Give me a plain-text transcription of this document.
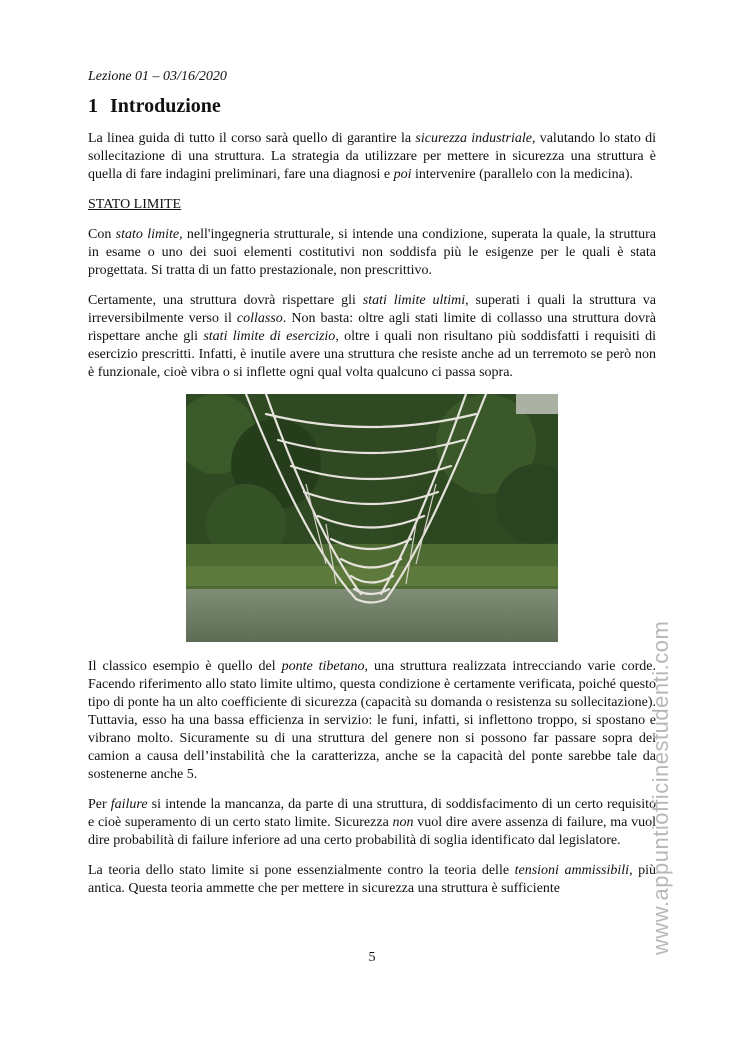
Lezione 01 – 03/16/2020
1 Introduzione

La linea guida di tutto il corso sarà quello di garantire la sicurezza industriale, valutando lo stato di sollecitazione di una struttura. La strategia da utilizzare per mettere in sicurezza una struttura è quella di fare indagini preliminari, fare una diagnosi e poi intervenire (parallelo con la medicina).

STATO LIMITE

Con stato limite, nell'ingegneria strutturale, si intende una condizione, superata la quale, la struttura in esame o uno dei suoi elementi costitutivi non soddisfa più le esigenze per le quali è stata progettata. Si tratta di un fatto prestazionale, non prescrittivo.

Certamente, una struttura dovrà rispettare gli stati limite ultimi, superati i quali la struttura va irreversibilmente verso il collasso. Non basta: oltre agli stati limite di collasso una struttura dovrà rispettare anche gli stati limite di esercizio, oltre i quali non risultano più soddisfatti i requisiti di esercizio prescritti. Infatti, è inutile avere una struttura che resiste anche ad un terremoto se però non è funzionale, cioè vibra o si inflette ogni qual volta qualcuno ci passa sopra.

Il classico esempio è quello del ponte tibetano, una struttura realizzata intrecciando varie corde. Facendo riferimento allo stato limite ultimo, questa condizione è certamente verificata, poiché questo tipo di ponte ha un alto coefficiente di sicurezza (capacità su domanda o resistenza su sollecitazione). Tuttavia, esso ha una bassa efficienza in servizio: le funi, infatti, si inflettono troppo, si spostano e vibrano molto. Sicuramente su di una struttura del genere non si possono far passare sopra dei camion a causa dell’instabilità che la caratterizza, anche se la capacità del ponte sarebbe tale da sostenerne anche 5.

Per failure si intende la mancanza, da parte di una struttura, di soddisfacimento di un certo requisito e cioè superamento di un certo stato limite. Sicurezza non vuol dire avere assenza di failure, ma vuol dire probabilità di failure inferiore ad una certo probabilità di soglia identificato dal legislatore.

La teoria dello stato limite si pone essenzialmente contro la teoria delle tensioni ammissibili, più antica. Questa teoria ammette che per mettere in sicurezza una struttura è sufficiente

5
www.appuntiofficinestudenti.com
